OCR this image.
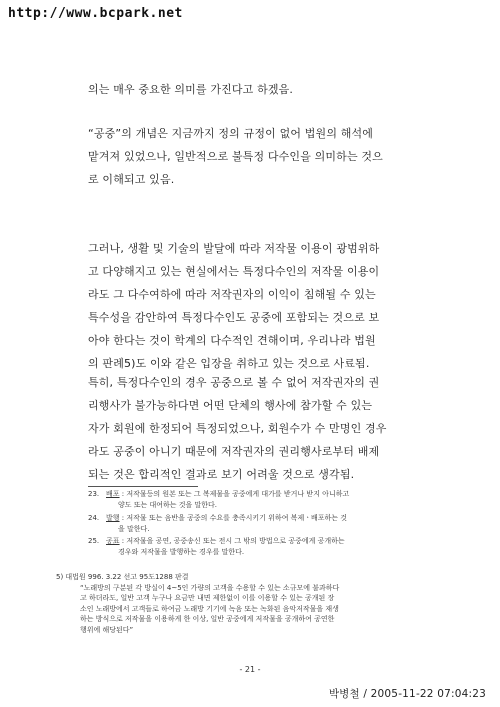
http://www.bcpark.net
의는 매우 중요한 의미를 가진다고 하겠음.
“공중”의 개념은 지금까지 정의 규정이 없어 법원의 해석에
맡겨져 있었으나, 일반적으로 불특정 다수인을 의미하는 것으
로 이해되고 있음.
그러나, 생활 및 기술의 발달에 따라 저작물 이용이 광범위하
고 다양해지고 있는 현실에서는 특정다수인의 저작물 이용이
라도 그 다수여하에 따라 저작권자의 이익이 침해될 수 있는
특수성을 감안하여 특정다수인도 공중에 포함되는 것으로 보
아야 한다는 것이 학계의 다수적인 견해이며, 우리나라 법원
의 판례5)도 이와 같은 입장을 취하고 있는 것으로 사료됨.
특히, 특정다수인의 경우 공중으로 볼 수 없어 저작권자의 권
리행사가 불가능하다면 어떤 단체의 행사에 참가할 수 있는
자가 회원에 한정되어 특정되었으나, 회원수가 수 만명인 경우
라도 공중이 아니기 때문에 저작권자의 권리행사로부터 배제
되는 것은 합리적인 결과로 보기 어려울 것으로 생각됨.
23. 배포 : 저작물등의 원본 또는 그 복제물을 공중에게 대가를 받거나 받지 아니하고
양도 또는 대여하는 것을 말한다.
24. 발행 : 저작물 또는 음반을 공중의 수요를 충족시키기 위하여 복제ㆍ배포하는 것
을 말한다.
25. 공표 : 저작물을 공연, 공중송신 또는 전시 그 밖의 방법으로 공중에게 공개하는
경우와 저작물을 발행하는 경우를 말한다.
5) 대법원 996. 3.22 선고 95도1288 판결
“노래방의 구분된 각 방실이 4~5인 가량의 고객을 수용할 수 있는 소규모에 불과하다
고 하더라도, 일반 고객 누구나 요금만 내면 제한없이 이를 이용할 수 있는 공개된 장
소인 노래방에서 고객들로 하여금 노래방 기기에 녹음 또는 녹화된 음악저작물을 재생
하는 방식으로 저작물을 이용하게 한 이상, 일반 공중에게 저작물을 공개하여 공연한
행위에 해당된다”
- 21 -
박병철 / 2005-11-22 07:04:23
